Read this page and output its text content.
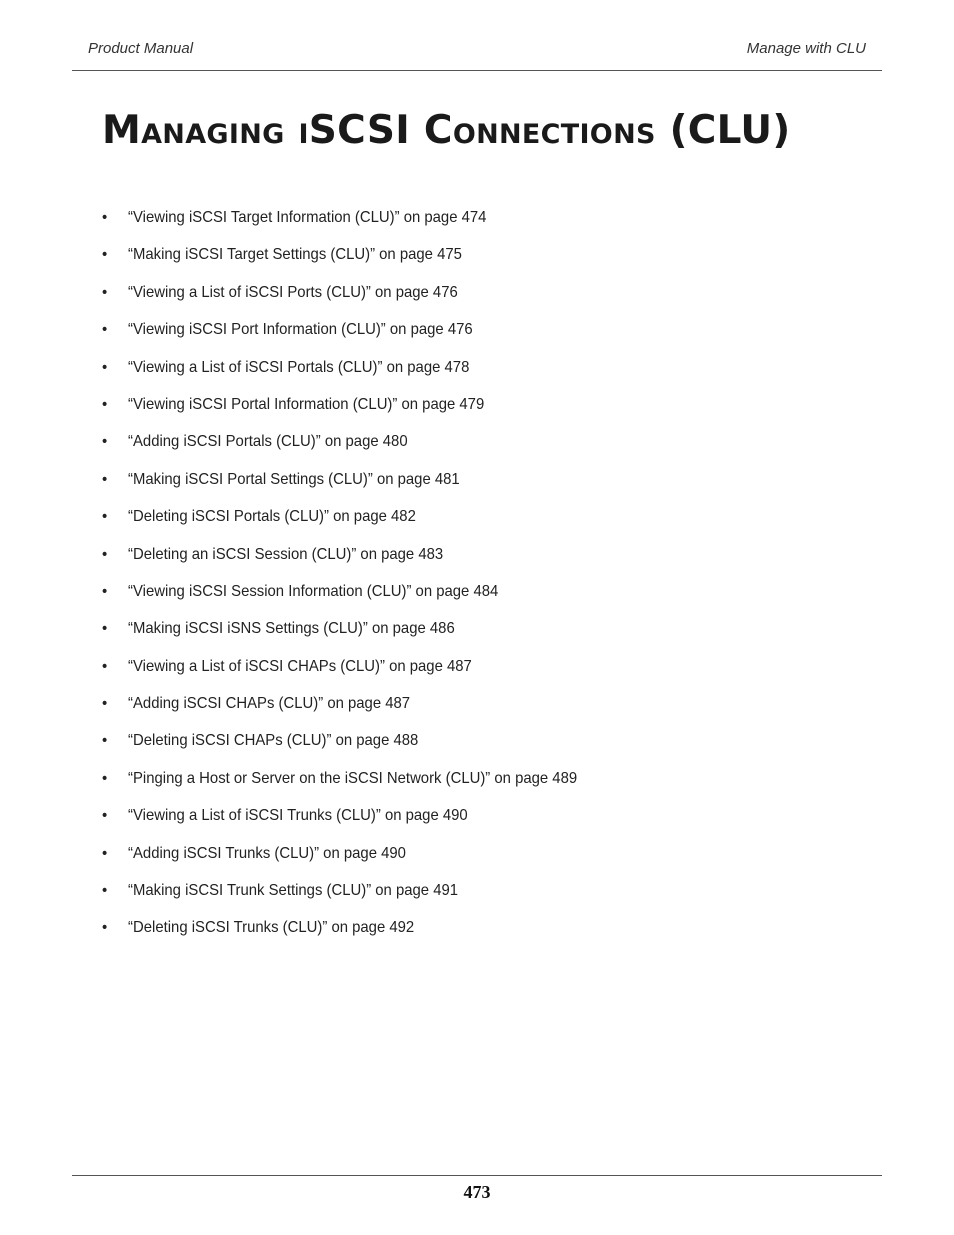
Product Manual	Manage with CLU
Managing iSCSI Connections (CLU)
• “Viewing iSCSI Target Information (CLU)” on page 474
• “Making iSCSI Target Settings (CLU)” on page 475
• “Viewing a List of iSCSI Ports (CLU)” on page 476
• “Viewing iSCSI Port Information (CLU)” on page 476
• “Viewing a List of iSCSI Portals (CLU)” on page 478
• “Viewing iSCSI Portal Information (CLU)” on page 479
• “Adding iSCSI Portals (CLU)” on page 480
• “Making iSCSI Portal Settings (CLU)” on page 481
• “Deleting iSCSI Portals (CLU)” on page 482
• “Deleting an iSCSI Session (CLU)” on page 483
• “Viewing iSCSI Session Information (CLU)” on page 484
• “Making iSCSI iSNS Settings (CLU)” on page 486
• “Viewing a List of iSCSI CHAPs (CLU)” on page 487
• “Adding iSCSI CHAPs (CLU)” on page 487
• “Deleting iSCSI CHAPs (CLU)” on page 488
• “Pinging a Host or Server on the iSCSI Network (CLU)” on page 489
• “Viewing a List of iSCSI Trunks (CLU)” on page 490
• “Adding iSCSI Trunks (CLU)” on page 490
• “Making iSCSI Trunk Settings (CLU)” on page 491
• “Deleting iSCSI Trunks (CLU)” on page 492
473
